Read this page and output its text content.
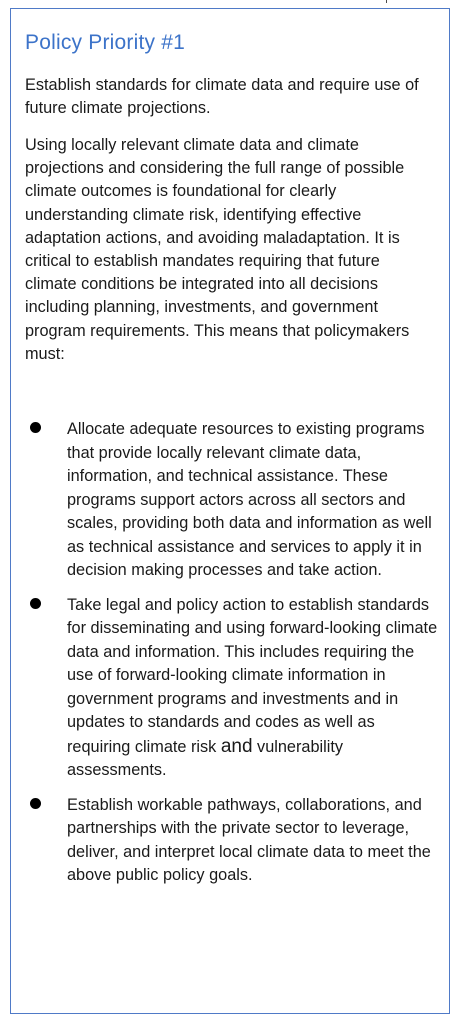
Policy Priority #1
Establish standards for climate data and require use of future climate projections.
Using locally relevant climate data and climate projections and considering the full range of possible climate outcomes is foundational for clearly understanding climate risk, identifying effective adaptation actions, and avoiding maladaptation. It is critical to establish mandates requiring that future climate conditions be integrated into all decisions including planning, investments, and government program requirements. This means that policymakers must:
Allocate adequate resources to existing programs that provide locally relevant climate data, information, and technical assistance. These programs support actors across all sectors and scales, providing both data and information as well as technical assistance and services to apply it in decision making processes and take action.
Take legal and policy action to establish standards for disseminating and using forward-looking climate data and information. This includes requiring the use of forward-looking climate information in government programs and investments and in updates to standards and codes as well as requiring climate risk and vulnerability assessments.
Establish workable pathways, collaborations, and partnerships with the private sector to leverage, deliver, and interpret local climate data to meet the above public policy goals.
